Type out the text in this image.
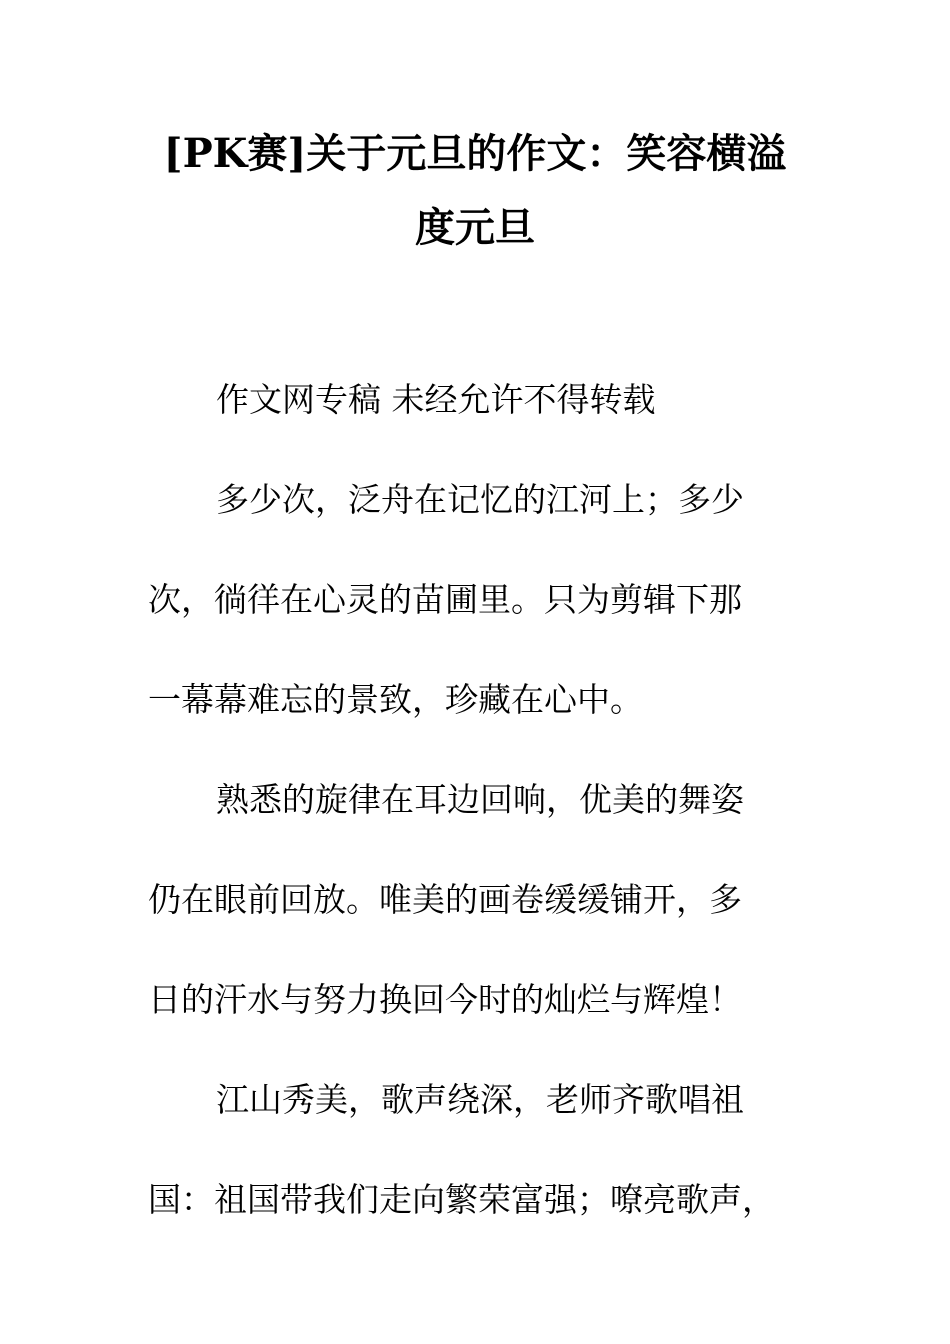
[PK赛]关于元旦的作文：笑容横溢
度元旦
作文网专稿 未经允许不得转载
多少次，泛舟在记忆的江河上；多少
次，徜徉在心灵的苗圃里。只为剪辑下那
一幕幕难忘的景致，珍藏在心中。
熟悉的旋律在耳边回响，优美的舞姿
仍在眼前回放。唯美的画卷缓缓铺开，多
日的汗水与努力换回今时的灿烂与辉煌！
江山秀美，歌声绕深，老师齐歌唱祖
国：祖国带我们走向繁荣富强；嘹亮歌声，
